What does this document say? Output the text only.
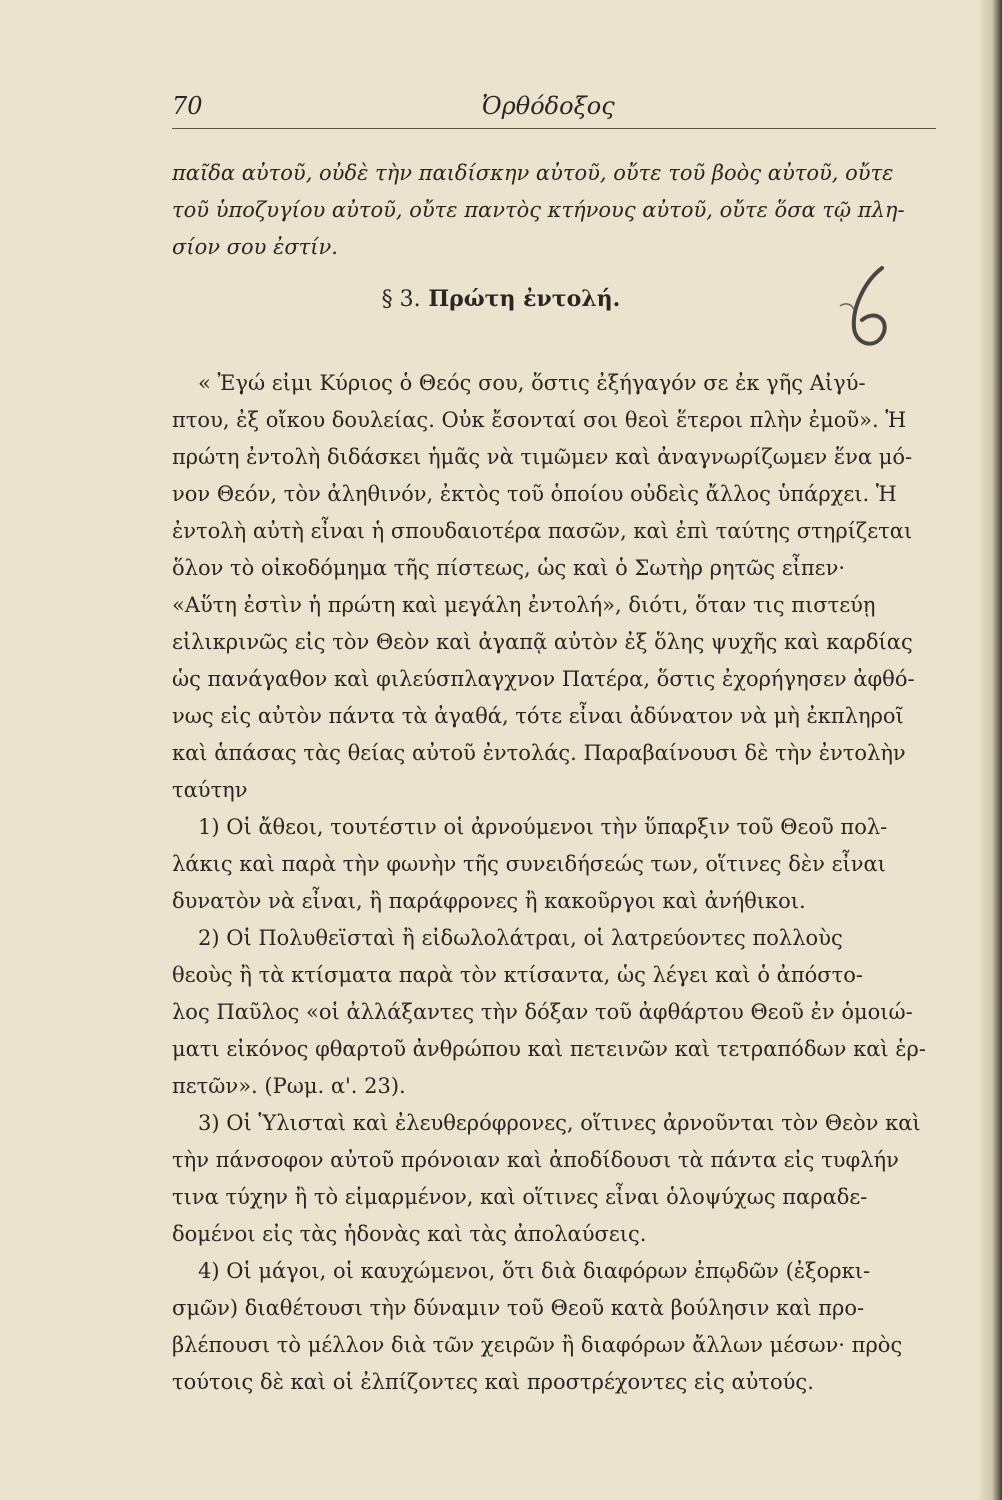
70	Ὀρθόδοξος

παῖδα αὐτοῦ, οὐδὲ τὴν παιδίσκην αὐτοῦ, οὔτε τοῦ βοὸς αὐτοῦ, οὔτε
τοῦ ὑποζυγίου αὐτοῦ, οὔτε παντὸς κτήνους αὐτοῦ, οὔτε ὅσα τῷ πλη-
σίον σου ἐστίν.

§ 3. Πρώτη ἐντολή.

« Ἐγώ εἰμι Κύριος ὁ Θεός σου, ὅστις ἐξήγαγόν σε ἐκ γῆς Αἰγύ-
πτου, ἐξ οἴκου δουλείας. Οὐκ ἔσονταί σοι θεοὶ ἕτεροι πλὴν ἐμοῦ». Ἡ
πρώτη ἐντολὴ διδάσκει ἡμᾶς νὰ τιμῶμεν καὶ ἀναγνωρίζωμεν ἕνα μό-
νον Θεόν, τὸν ἀληθινόν, ἐκτὸς τοῦ ὁποίου οὐδεὶς ἄλλος ὑπάρχει. Ἡ
ἐντολὴ αὐτὴ εἶναι ἡ σπουδαιοτέρα πασῶν, καὶ ἐπὶ ταύτης στηρίζεται
ὅλον τὸ οἰκοδόμημα τῆς πίστεως, ὡς καὶ ὁ Σωτὴρ ρητῶς εἶπεν·
«Αὕτη ἐστὶν ἡ πρώτη καὶ μεγάλη ἐντολή», διότι, ὅταν τις πιστεύῃ
εἰλικρινῶς εἰς τὸν Θεὸν καὶ ἀγαπᾷ αὐτὸν ἐξ ὅλης ψυχῆς καὶ καρδίας
ὡς πανάγαθον καὶ φιλεύσπλαγχνον Πατέρα, ὅστις ἐχορήγησεν ἀφθό-
νως εἰς αὐτὸν πάντα τὰ ἀγαθά, τότε εἶναι ἀδύνατον νὰ μὴ ἐκπληροῖ
καὶ ἁπάσας τὰς θείας αὐτοῦ ἐντολάς. Παραβαίνουσι δὲ τὴν ἐντολὴν
ταύτην
1) Οἱ ἄθεοι, τουτέστιν οἱ ἀρνούμενοι τὴν ὕπαρξιν τοῦ Θεοῦ πολ-
λάκις καὶ παρὰ τὴν φωνὴν τῆς συνειδήσεώς των, οἵτινες δὲν εἶναι
δυνατὸν νὰ εἶναι, ἢ παράφρονες ἢ κακοῦργοι καὶ ἀνήθικοι.
2) Οἱ Πολυθεϊσταὶ ἢ εἰδωλολάτραι, οἱ λατρεύοντες πολλοὺς
θεοὺς ἢ τὰ κτίσματα παρὰ τὸν κτίσαντα, ὡς λέγει καὶ ὁ ἀπόστο-
λος Παῦλος «οἱ ἀλλάξαντες τὴν δόξαν τοῦ ἀφθάρτου Θεοῦ ἐν ὁμοιώ-
ματι εἰκόνος φθαρτοῦ ἀνθρώπου καὶ πετεινῶν καὶ τετραπόδων καὶ ἑρ-
πετῶν». (Ρωμ. α'. 23).
3) Οἱ Ὑλισταὶ καὶ ἐλευθερόφρονες, οἵτινες ἀρνοῦνται τὸν Θεὸν καὶ
τὴν πάνσοφον αὐτοῦ πρόνοιαν καὶ ἀποδίδουσι τὰ πάντα εἰς τυφλήν
τινα τύχην ἢ τὸ εἱμαρμένον, καὶ οἵτινες εἶναι ὁλοψύχως παραδε-
δομένοι εἰς τὰς ἡδονὰς καὶ τὰς ἀπολαύσεις.
4) Οἱ μάγοι, οἱ καυχώμενοι, ὅτι διὰ διαφόρων ἐπῳδῶν (ἐξορκι-
σμῶν) διαθέτουσι τὴν δύναμιν τοῦ Θεοῦ κατὰ βούλησιν καὶ προ-
βλέπουσι τὸ μέλλον διὰ τῶν χειρῶν ἢ διαφόρων ἄλλων μέσων· πρὸς
τούτοις δὲ καὶ οἱ ἐλπίζοντες καὶ προστρέχοντες εἰς αὐτούς.
